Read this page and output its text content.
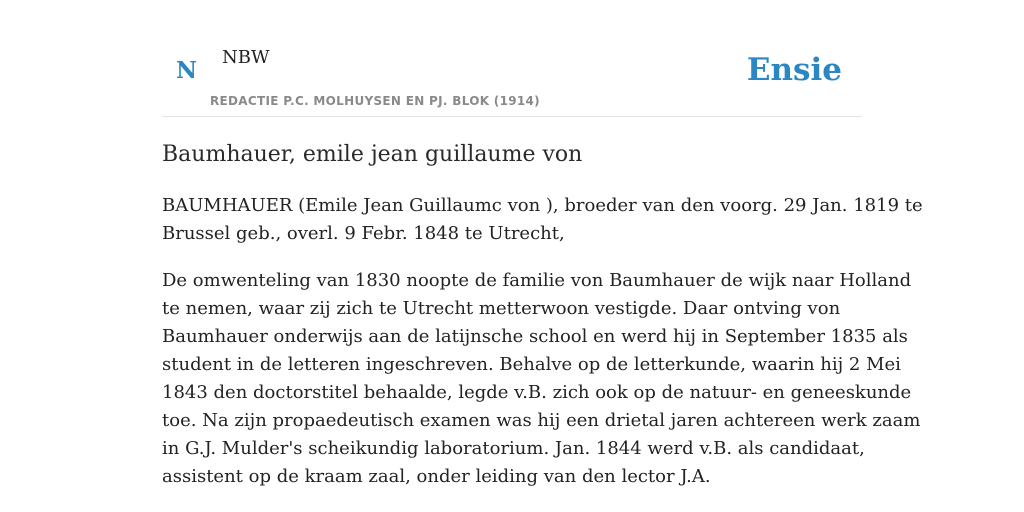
N NBW
REDACTIE P.C. MOLHUYSEN EN PJ. BLOK (1914)
Ensie
Baumhauer, emile jean guillaume von

BAUMHAUER (Emile Jean Guillaumc von ), broeder van den voorg. 29 Jan. 1819 te
Brussel geb., overl. 9 Febr. 1848 te Utrecht,

De omwenteling van 1830 noopte de familie von Baumhauer de wijk naar Holland
te nemen, waar zij zich te Utrecht metterwoon vestigde. Daar ontving von
Baumhauer onderwijs aan de latijnsche school en werd hij in September 1835 als
student in de letteren ingeschreven. Behalve op de letterkunde, waarin hij 2 Mei
1843 den doctorstitel behaalde, legde v.B. zich ook op de natuur- en geneeskunde
toe. Na zijn propaedeutisch examen was hij een drietal jaren achtereen werk zaam
in G.J. Mulder's scheikundig laboratorium. Jan. 1844 werd v.B. als candidaat,
assistent op de kraam zaal, onder leiding van den lector J.A.
